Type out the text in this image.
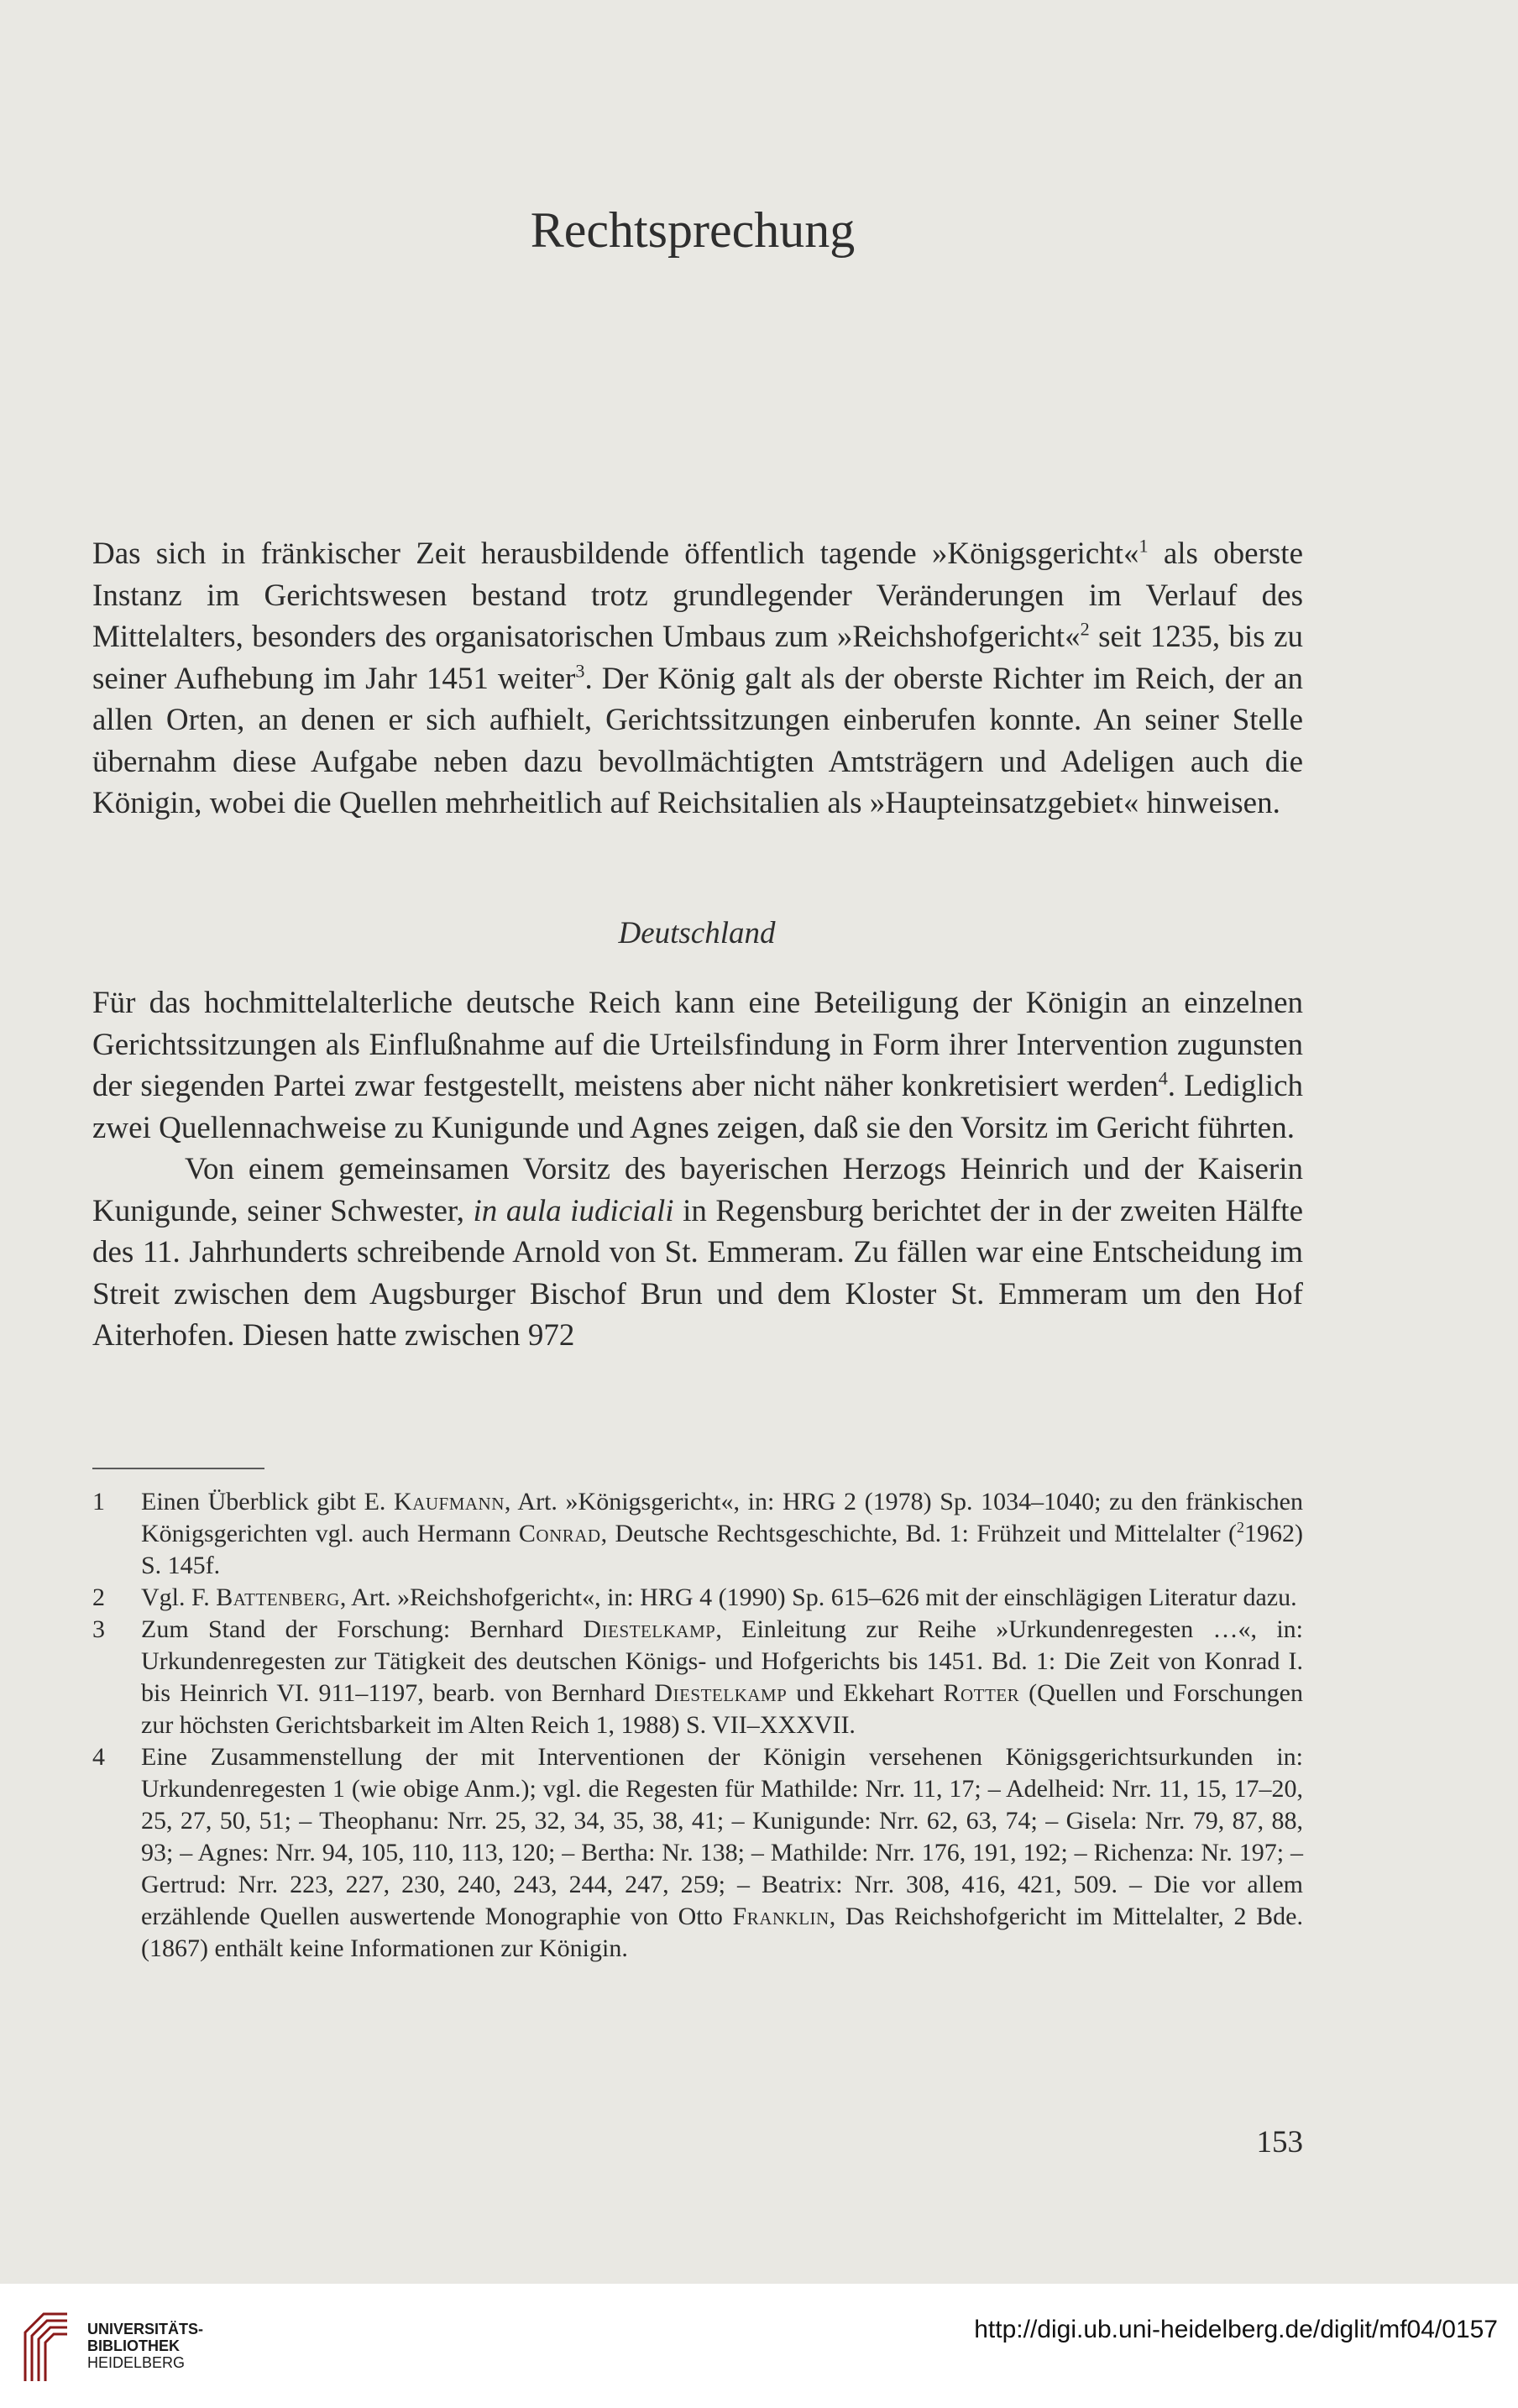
Rechtsprechung

Das sich in fränkischer Zeit herausbildende öffentlich tagende »Königsgericht«$^1$ als oberste Instanz im Gerichtswesen bestand trotz grundlegender Veränderungen im Verlauf des Mittelalters, besonders des organisatorischen Umbaus zum »Reichshofgericht«$^2$ seit 1235, bis zu seiner Aufhebung im Jahr 1451 weiter$^3$. Der König galt als der oberste Richter im Reich, der an allen Orten, an denen er sich aufhielt, Gerichtssitzungen einberufen konnte. An seiner Stelle übernahm diese Aufgabe neben dazu bevollmächtigten Amtsträgern und Adeligen auch die Königin, wobei die Quellen mehrheitlich auf Reichsitalien als »Haupteinsatzgebiet« hinweisen.

Deutschland

Für das hochmittelalterliche deutsche Reich kann eine Beteiligung der Königin an einzelnen Gerichtssitzungen als Einflußnahme auf die Urteilsfindung in Form ihrer Intervention zugunsten der siegenden Partei zwar festgestellt, meistens aber nicht näher konkretisiert werden$^4$. Lediglich zwei Quellennachweise zu Kunigunde und Agnes zeigen, daß sie den Vorsitz im Gericht führten.

Von einem gemeinsamen Vorsitz des bayerischen Herzogs Heinrich und der Kaiserin Kunigunde, seiner Schwester, in aula iudiciali in Regensburg berichtet der in der zweiten Hälfte des 11. Jahrhunderts schreibende Arnold von St. Emmeram. Zu fällen war eine Entscheidung im Streit zwischen dem Augsburger Bischof Brun und dem Kloster St. Emmeram um den Hof Aiterhofen. Diesen hatte zwischen 972

1 Einen Überblick gibt E. Kaufmann, Art. »Königsgericht«, in: HRG 2 (1978) Sp. 1034–1040; zu den fränkischen Königsgerichten vgl. auch Hermann Conrad, Deutsche Rechtsgeschichte, Bd. 1: Frühzeit und Mittelalter ($^2$1962) S. 145f.
2 Vgl. F. Battenberg, Art. »Reichshofgericht«, in: HRG 4 (1990) Sp. 615–626 mit der einschlägigen Literatur dazu.
3 Zum Stand der Forschung: Bernhard Diestelkamp, Einleitung zur Reihe »Urkundenregesten …«, in: Urkundenregesten zur Tätigkeit des deutschen Königs- und Hofgerichts bis 1451. Bd. 1: Die Zeit von Konrad I. bis Heinrich VI. 911–1197, bearb. von Bernhard Diestelkamp und Ekkehart Rotter (Quellen und Forschungen zur höchsten Gerichtsbarkeit im Alten Reich 1, 1988) S. VII–XXXVII.
4 Eine Zusammenstellung der mit Interventionen der Königin versehenen Königsgerichtsurkunden in: Urkundenregesten 1 (wie obige Anm.); vgl. die Regesten für Mathilde: Nrr. 11, 17; – Adelheid: Nrr. 11, 15, 17–20, 25, 27, 50, 51; – Theophanu: Nrr. 25, 32, 34, 35, 38, 41; – Kunigunde: Nrr. 62, 63, 74; – Gisela: Nrr. 79, 87, 88, 93; – Agnes: Nrr. 94, 105, 110, 113, 120; – Bertha: Nr. 138; – Mathilde: Nrr. 176, 191, 192; – Richenza: Nr. 197; – Gertrud: Nrr. 223, 227, 230, 240, 243, 244, 247, 259; – Beatrix: Nrr. 308, 416, 421, 509. – Die vor allem erzählende Quellen auswertende Monographie von Otto Franklin, Das Reichshofgericht im Mittelalter, 2 Bde. (1867) enthält keine Informationen zur Königin.
153
UNIVERSITÄTS-
BIBLIOTHEK
HEIDELBERG
http://digi.ub.uni-heidelberg.de/diglit/mf04/0157
